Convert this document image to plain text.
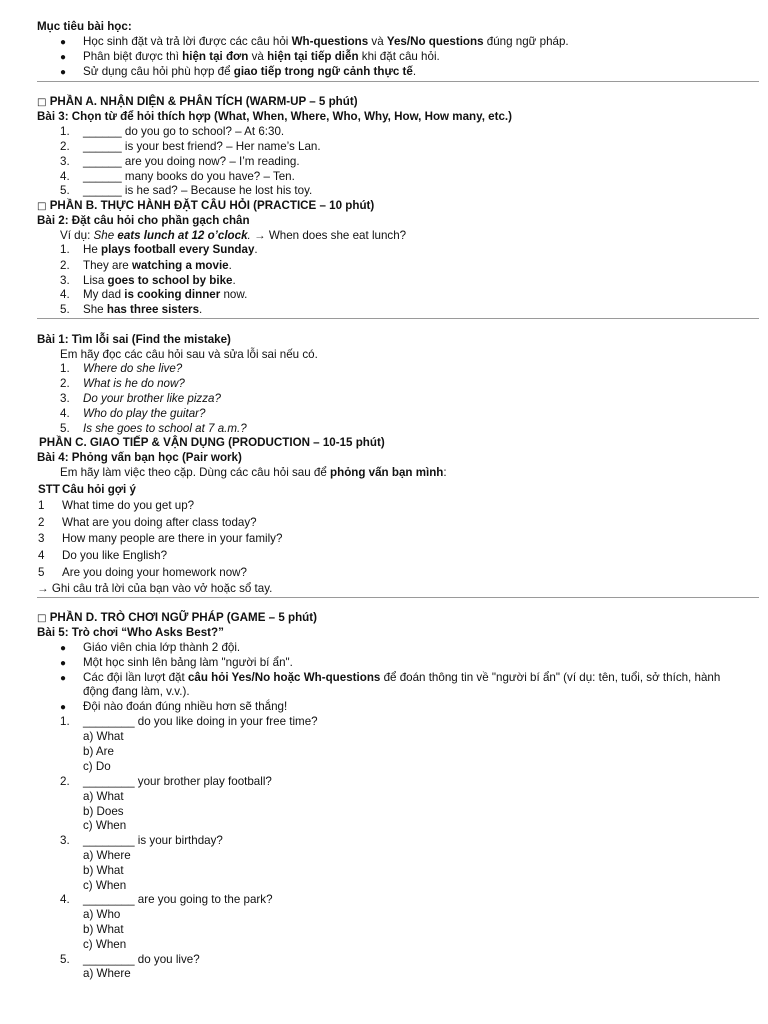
Mục tiêu bài học:
● Học sinh đặt và trả lời được các câu hỏi Wh-questions và Yes/No questions đúng ngữ pháp.
● Phân biệt được thì hiện tại đơn và hiện tại tiếp diễn khi đặt câu hỏi.
● Sử dụng câu hỏi phù hợp để giao tiếp trong ngữ cảnh thực tế.
□ PHẦN A. NHẬN DIỆN & PHÂN TÍCH (WARM-UP – 5 phút)
Bài 3: Chọn từ để hỏi thích hợp (What, When, Where, Who, Why, How, How many, etc.)
1. ______ do you go to school? – At 6:30.
2. ______ is your best friend? – Her name’s Lan.
3. ______ are you doing now? – I’m reading.
4. ______ many books do you have? – Ten.
5. ______ is he sad? – Because he lost his toy.
□ PHẦN B. THỰC HÀNH ĐẶT CÂU HỎI (PRACTICE – 10 phút)
Bài 2: Đặt câu hỏi cho phần gạch chân
Ví dụ: She eats lunch at 12 o’clock. → When does she eat lunch?
1. He plays football every Sunday.
2. They are watching a movie.
3. Lisa goes to school by bike.
4. My dad is cooking dinner now.
5. She has three sisters.
Bài 1: Tìm lỗi sai (Find the mistake)
Em hãy đọc các câu hỏi sau và sửa lỗi sai nếu có.
1. Where do she live?
2. What is he do now?
3. Do your brother like pizza?
4. Who do play the guitar?
5. Is she goes to school at 7 a.m.?
PHẦN C. GIAO TIẾP & VẬN DỤNG (PRODUCTION – 10-15 phút)
Bài 4: Phỏng vấn bạn học (Pair work)
Em hãy làm việc theo cặp. Dùng các câu hỏi sau để phỏng vấn bạn mình:
STT Câu hỏi gợi ý
1 What time do you get up?
2 What are you doing after class today?
3 How many people are there in your family?
4 Do you like English?
5 Are you doing your homework now?
→ Ghi câu trả lời của bạn vào vở hoặc sổ tay.
□ PHẦN D. TRÒ CHƠI NGỮ PHÁP (GAME – 5 phút)
Bài 5: Trò chơi “Who Asks Best?”
● Giáo viên chia lớp thành 2 đội.
● Một học sinh lên bảng làm "người bí ẩn".
● Các đội lần lượt đặt câu hỏi Yes/No hoặc Wh-questions để đoán thông tin về "người bí ẩn" (ví dụ: tên, tuổi, sở thích, hành
động đang làm, v.v.).
● Đội nào đoán đúng nhiều hơn sẽ thắng!
1. ________ do you like doing in your free time?
a) What
b) Are
c) Do
2. ________ your brother play football?
a) What
b) Does
c) When
3. ________ is your birthday?
a) Where
b) What
c) When
4. ________ are you going to the park?
a) Who
b) What
c) When
5. ________ do you live?
a) Where
